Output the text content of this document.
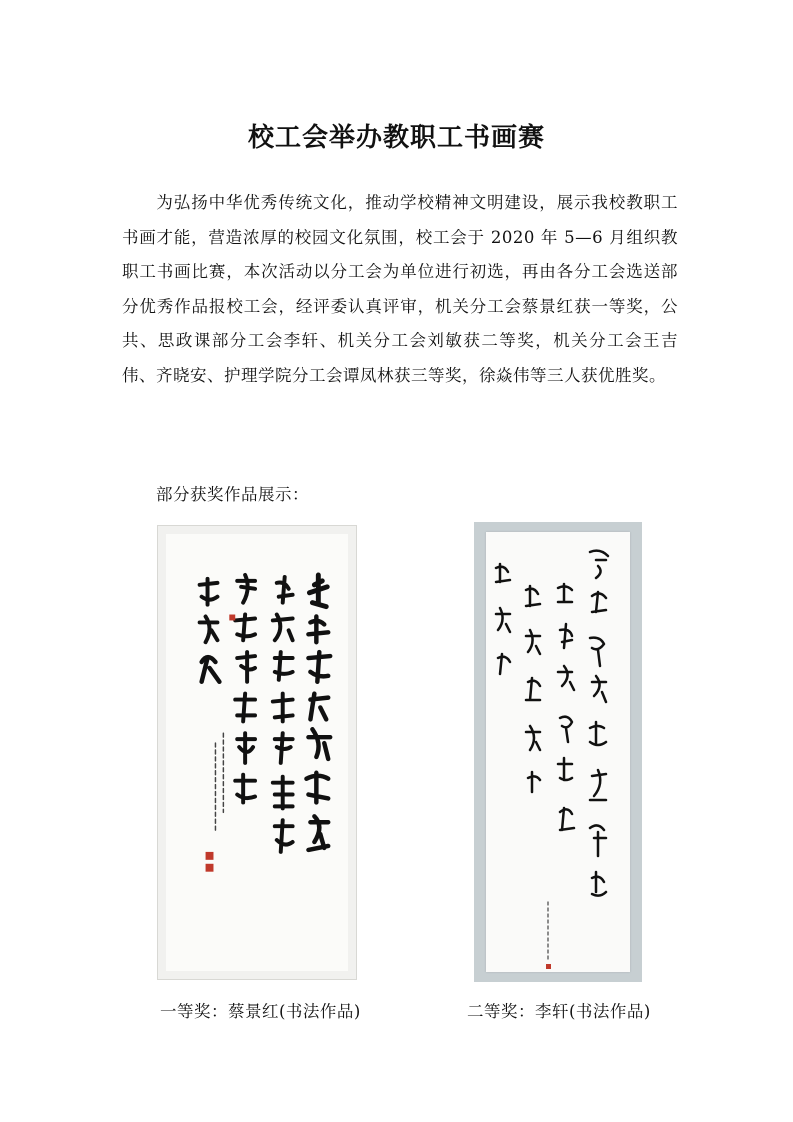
校工会举办教职工书画赛

为弘扬中华优秀传统文化，推动学校精神文明建设，展示我校教职工书画才能，营造浓厚的校园文化氛围，校工会于 2020 年 5—6 月组织教职工书画比赛，本次活动以分工会为单位进行初选，再由各分工会选送部分优秀作品报校工会，经评委认真评审，机关分工会蔡景红获一等奖，公共、思政课部分工会李轩、机关分工会刘敏获二等奖，机关分工会王吉伟、齐晓安、护理学院分工会谭凤林获三等奖，徐焱伟等三人获优胜奖。

部分获奖作品展示：

一等奖：蔡景红(书法作品)	二等奖：李轩(书法作品)
